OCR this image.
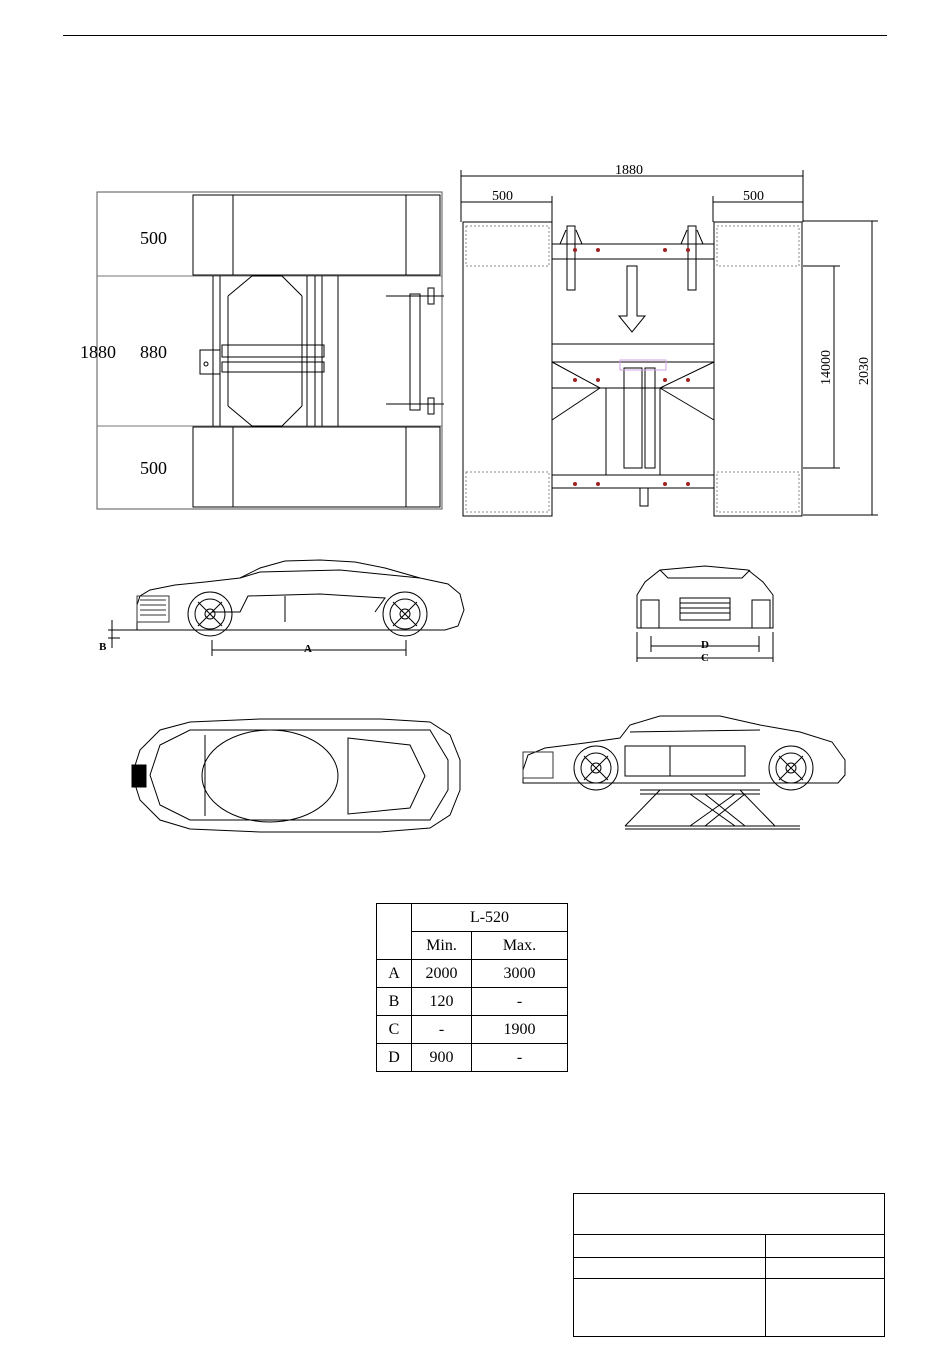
500
880
500
1880
1880
500	500
14000 2030
A
B	D
C
	L-520	
	Min.	Max.
A	2000	3000
B	120	-
C	-	1900
D	900	-
